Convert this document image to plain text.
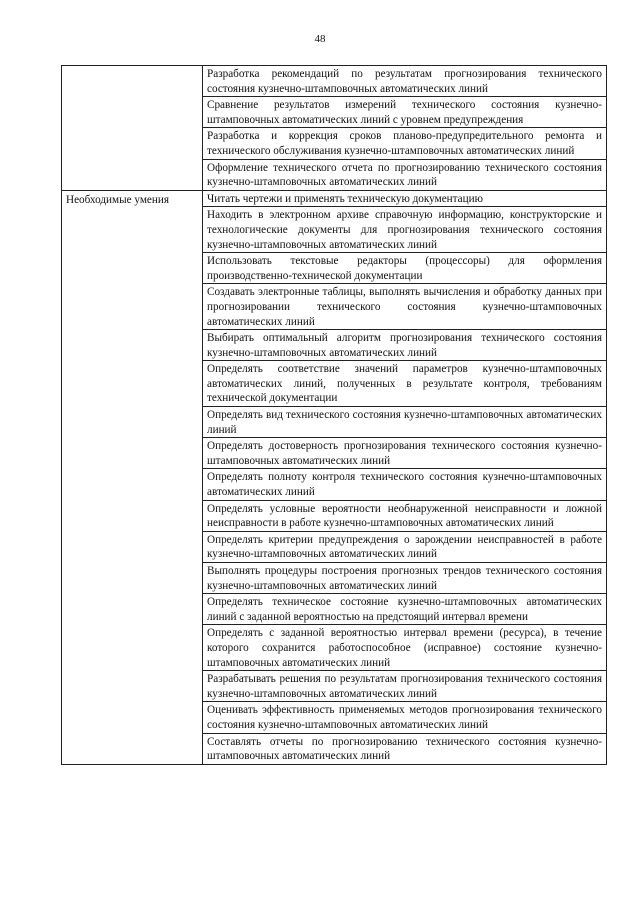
48
	Разработка рекомендаций по результатам прогнозирования технического состояния кузнечно-штамповочных автоматических линий
	Сравнение результатов измерений технического состояния кузнечно-штамповочных автоматических линий с уровнем предупреждения
	Разработка и коррекция сроков планово-предупредительного ремонта и технического обслуживания кузнечно-штамповочных автоматических линий
	Оформление технического отчета по прогнозированию технического состояния кузнечно-штамповочных автоматических линий
Необходимые умения	Читать чертежи и применять техническую документацию
	Находить в электронном архиве справочную информацию, конструкторские и технологические документы для прогнозирования технического состояния кузнечно-штамповочных автоматических линий
	Использовать текстовые редакторы (процессоры) для оформления производственно-технической документации
	Создавать электронные таблицы, выполнять вычисления и обработку данных при прогнозировании технического состояния кузнечно-штамповочных автоматических линий
	Выбирать оптимальный алгоритм прогнозирования технического состояния кузнечно-штамповочных автоматических линий
	Определять соответствие значений параметров кузнечно-штамповочных автоматических линий, полученных в результате контроля, требованиям технической документации
	Определять вид технического состояния кузнечно-штамповочных автоматических линий
	Определять достоверность прогнозирования технического состояния кузнечно-штамповочных автоматических линий
	Определять полноту контроля технического состояния кузнечно-штамповочных автоматических линий
	Определять условные вероятности необнаруженной неисправности и ложной неисправности в работе кузнечно-штамповочных автоматических линий
	Определять критерии предупреждения о зарождении неисправностей в работе кузнечно-штамповочных автоматических линий
	Выполнять процедуры построения прогнозных трендов технического состояния кузнечно-штамповочных автоматических линий
	Определять техническое состояние кузнечно-штамповочных автоматических линий с заданной вероятностью на предстоящий интервал времени
	Определять с заданной вероятностью интервал времени (ресурса), в течение которого сохранится работоспособное (исправное) состояние кузнечно-штамповочных автоматических линий
	Разрабатывать решения по результатам прогнозирования технического состояния кузнечно-штамповочных автоматических линий
	Оценивать эффективность применяемых методов прогнозирования технического состояния кузнечно-штамповочных автоматических линий
	Составлять отчеты по прогнозированию технического состояния кузнечно-штамповочных автоматических линий
